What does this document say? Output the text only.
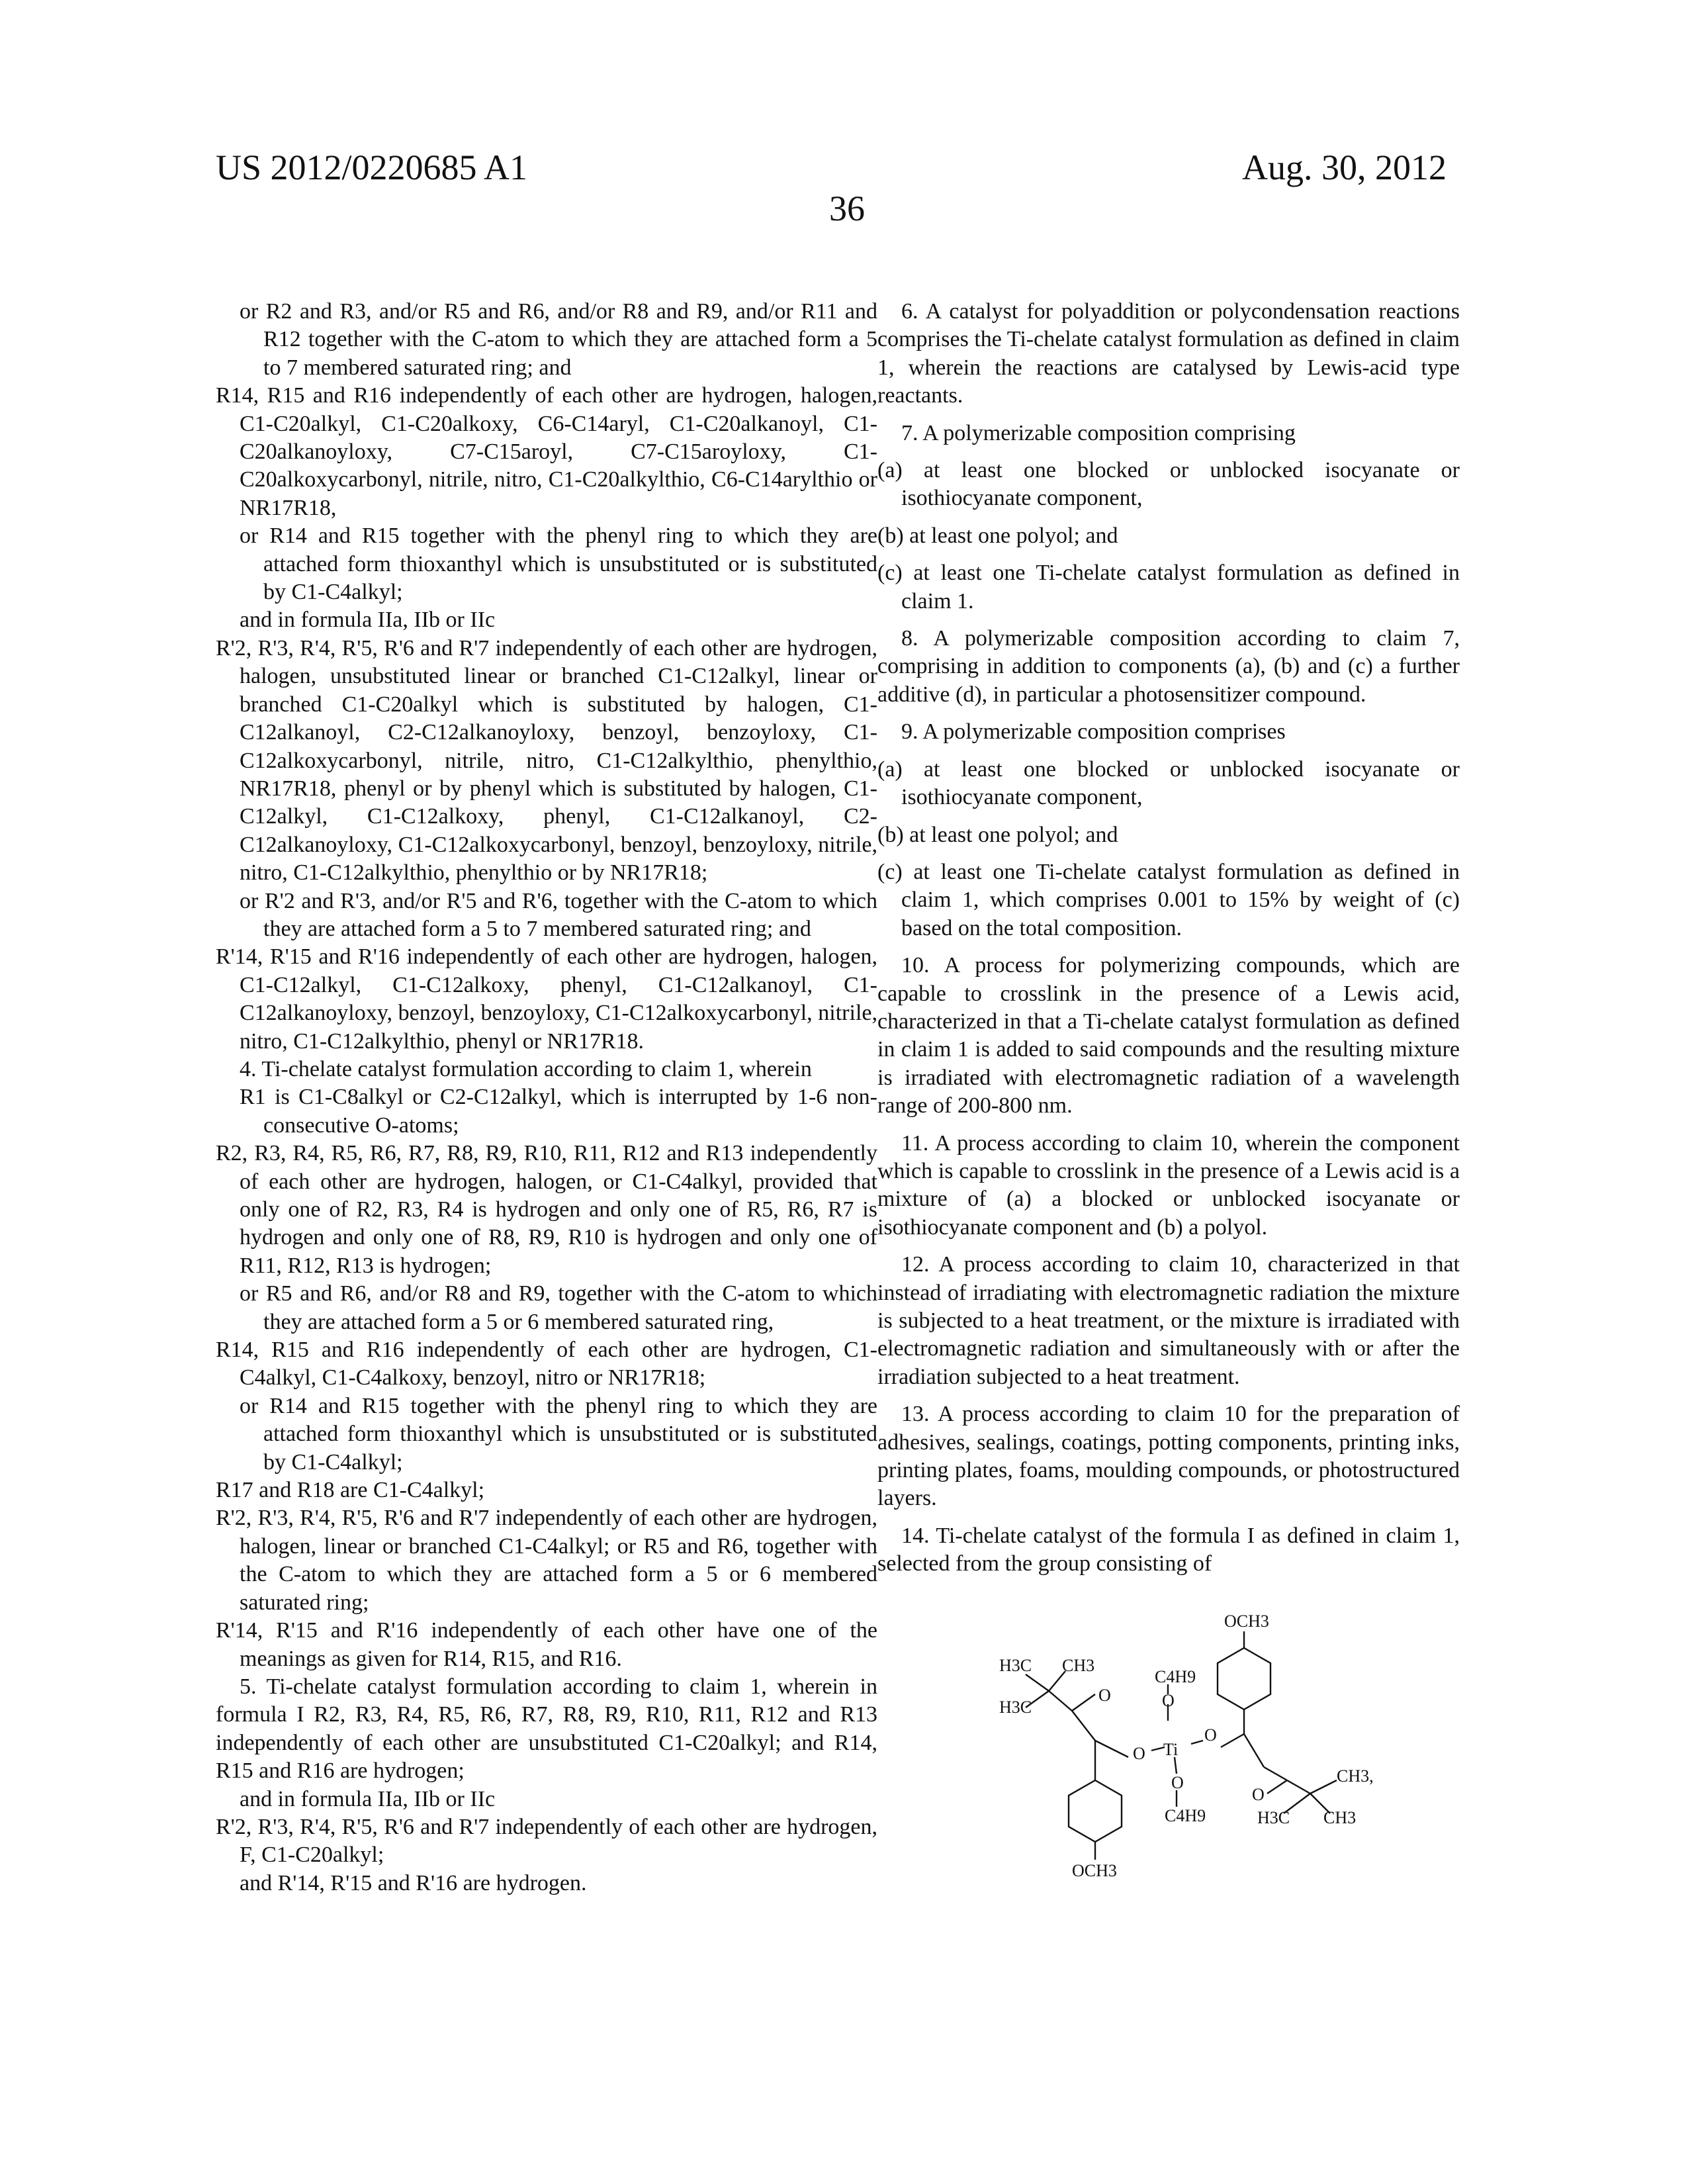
US 2012/0220685 A1	Aug. 30, 2012
36

or R2 and R3, and/or R5 and R6, and/or R8 and R9, and/or R11 and R12 together with the C-atom to which they are attached form a 5 to 7 membered saturated ring; and

R14, R15 and R16 independently of each other are hydrogen, halogen, C1-C20alkyl, C1-C20alkoxy, C6-C14aryl, C1-C20alkanoyl, C1-C20alkanoyloxy, C7-C15aroyl, C7-C15aroyloxy, C1-C20alkoxycarbonyl, nitrile, nitro, C1-C20alkylthio, C6-C14arylthio or NR17R18,

or R14 and R15 together with the phenyl ring to which they are attached form thioxanthyl which is unsubstituted or is substituted by C1-C4alkyl;

and in formula IIa, IIb or IIc

R'2, R'3, R'4, R'5, R'6 and R'7 independently of each other are hydrogen, halogen, unsubstituted linear or branched C1-C12alkyl, linear or branched C1-C20alkyl which is substituted by halogen, C1-C12alkanoyl, C2-C12alkanoyloxy, benzoyl, benzoyloxy, C1-C12alkoxycarbonyl, nitrile, nitro, C1-C12alkylthio, phenylthio, NR17R18, phenyl or by phenyl which is substituted by halogen, C1-C12alkyl, C1-C12alkoxy, phenyl, C1-C12alkanoyl, C2-C12alkanoyloxy, C1-C12alkoxycarbonyl, benzoyl, benzoyloxy, nitrile, nitro, C1-C12alkylthio, phenylthio or by NR17R18;

or R'2 and R'3, and/or R'5 and R'6, together with the C-atom to which they are attached form a 5 to 7 membered saturated ring; and

R'14, R'15 and R'16 independently of each other are hydrogen, halogen, C1-C12alkyl, C1-C12alkoxy, phenyl, C1-C12alkanoyl, C1-C12alkanoyloxy, benzoyl, benzoyloxy, C1-C12alkoxycarbonyl, nitrile, nitro, C1-C12alkylthio, phenyl or NR17R18.

4. Ti-chelate catalyst formulation according to claim 1, wherein

R1 is C1-C8alkyl or C2-C12alkyl, which is interrupted by 1-6 non-consecutive O-atoms;

R2, R3, R4, R5, R6, R7, R8, R9, R10, R11, R12 and R13 independently of each other are hydrogen, halogen, or C1-C4alkyl, provided that only one of R2, R3, R4 is hydrogen and only one of R5, R6, R7 is hydrogen and only one of R8, R9, R10 is hydrogen and only one of R11, R12, R13 is hydrogen;

or R5 and R6, and/or R8 and R9, together with the C-atom to which they are attached form a 5 or 6 membered saturated ring,

R14, R15 and R16 independently of each other are hydrogen, C1-C4alkyl, C1-C4alkoxy, benzoyl, nitro or NR17R18;

or R14 and R15 together with the phenyl ring to which they are attached form thioxanthyl which is unsubstituted or is substituted by C1-C4alkyl;

R17 and R18 are C1-C4alkyl;

R'2, R'3, R'4, R'5, R'6 and R'7 independently of each other are hydrogen, halogen, linear or branched C1-C4alkyl; or R5 and R6, together with the C-atom to which they are attached form a 5 or 6 membered saturated ring;

R'14, R'15 and R'16 independently of each other have one of the meanings as given for R14, R15, and R16.

5. Ti-chelate catalyst formulation according to claim 1, wherein in formula I R2, R3, R4, R5, R6, R7, R8, R9, R10, R11, R12 and R13 independently of each other are unsubstituted C1-C20alkyl; and R14, R15 and R16 are hydrogen;

and in formula IIa, IIb or IIc

R'2, R'3, R'4, R'5, R'6 and R'7 independently of each other are hydrogen, F, C1-C20alkyl;

and R'14, R'15 and R'16 are hydrogen.

6. A catalyst for polyaddition or polycondensation reactions comprises the Ti-chelate catalyst formulation as defined in claim 1, wherein the reactions are catalysed by Lewis-acid type reactants.

7. A polymerizable composition comprising

(a) at least one blocked or unblocked isocyanate or isothiocyanate component,

(b) at least one polyol; and

(c) at least one Ti-chelate catalyst formulation as defined in claim 1.

8. A polymerizable composition according to claim 7, comprising in addition to components (a), (b) and (c) a further additive (d), in particular a photosensitizer compound.

9. A polymerizable composition comprises

(a) at least one blocked or unblocked isocyanate or isothiocyanate component,

(b) at least one polyol; and

(c) at least one Ti-chelate catalyst formulation as defined in claim 1, which comprises 0.001 to 15% by weight of (c) based on the total composition.

10. A process for polymerizing compounds, which are capable to crosslink in the presence of a Lewis acid, characterized in that a Ti-chelate catalyst formulation as defined in claim 1 is added to said compounds and the resulting mixture is irradiated with electromagnetic radiation of a wavelength range of 200-800 nm.

11. A process according to claim 10, wherein the component which is capable to crosslink in the presence of a Lewis acid is a mixture of (a) a blocked or unblocked isocyanate or isothiocyanate component and (b) a polyol.

12. A process according to claim 10, characterized in that instead of irradiating with electromagnetic radiation the mixture is subjected to a heat treatment, or the mixture is irradiated with electromagnetic radiation and simultaneously with or after the irradiation subjected to a heat treatment.

13. A process according to claim 10 for the preparation of adhesives, sealings, coatings, potting components, printing inks, printing plates, foams, moulding compounds, or photostructured layers.

14. Ti-chelate catalyst of the formula I as defined in claim 1, selected from the group consisting of

OCH3
H3C CH3
H3C
O
C4H9
O
Ti
O
O
O
C4H9
O
CH3,
H3C CH3
OCH3
